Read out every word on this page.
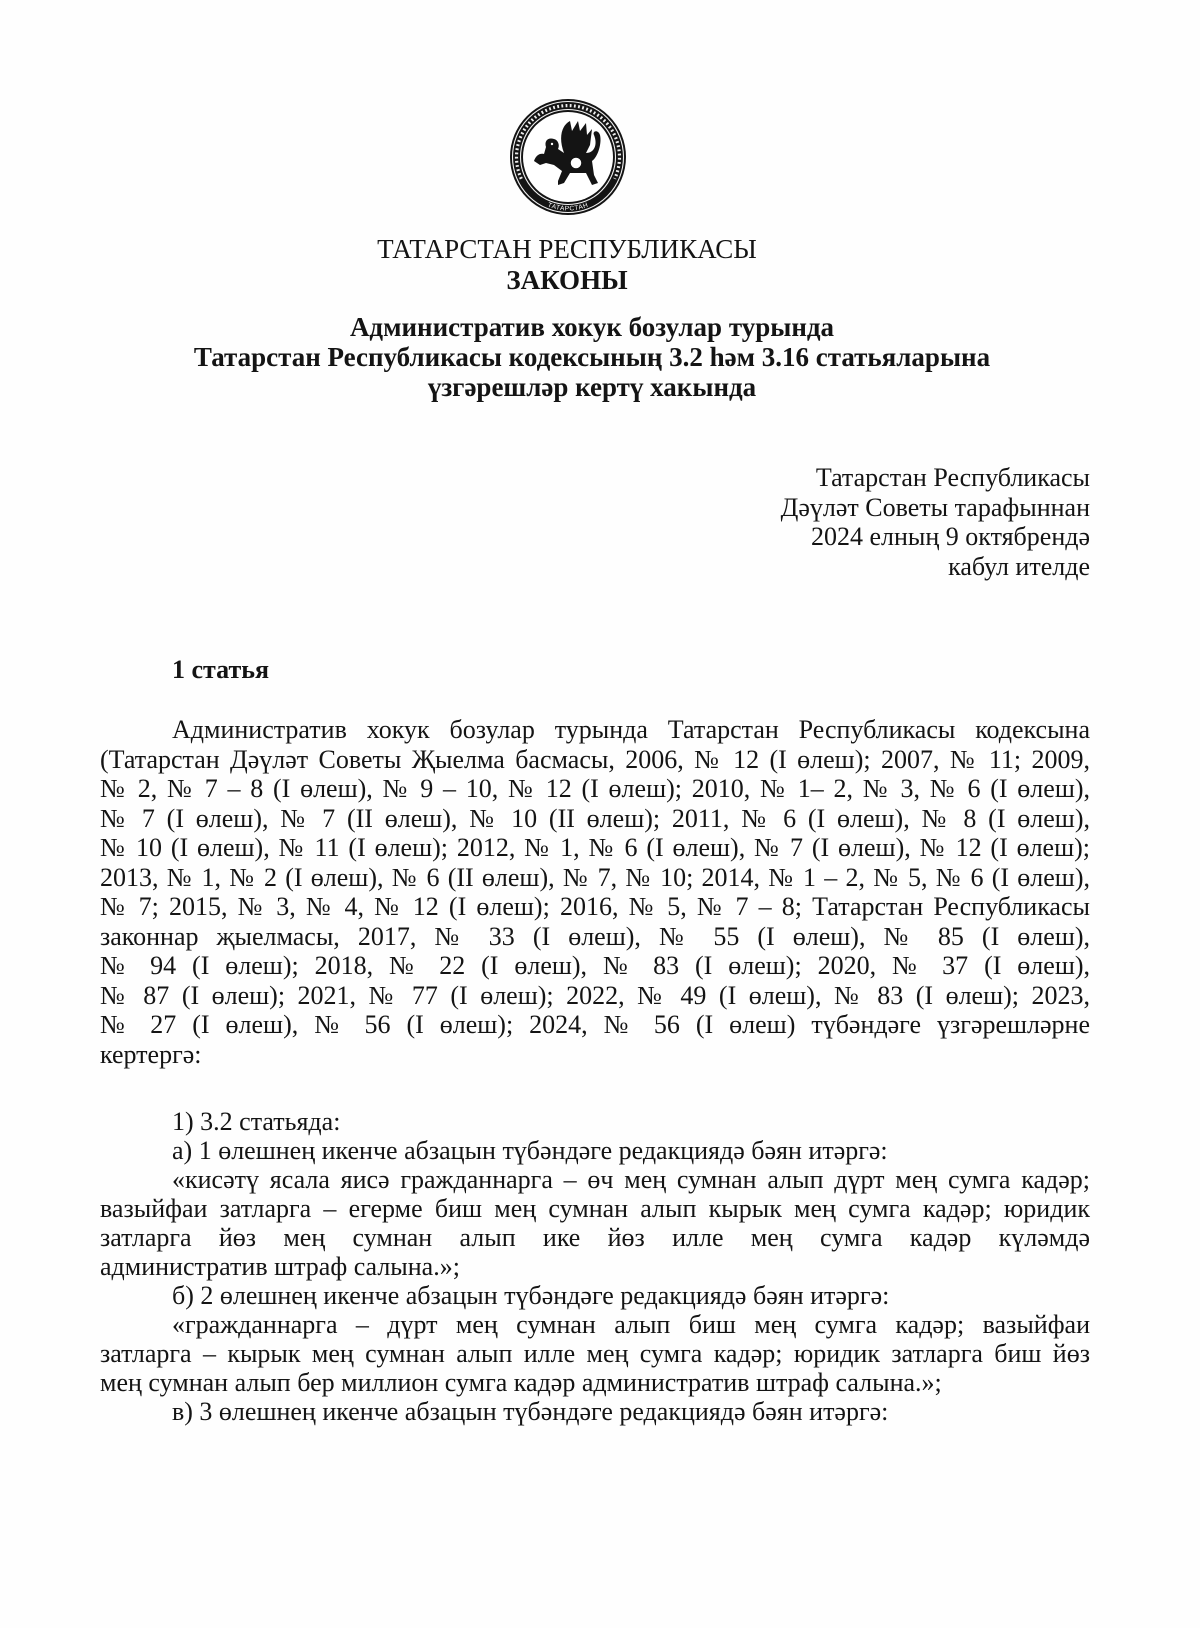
ТАТАРСТАН
ТАТАРСТАН РЕСПУБЛИКАСЫ
ЗАКОНЫ
Административ хокук бозулар турында
Татарстан Республикасы кодексының 3.2 һәм 3.16 статьяларына
үзгәрешләр кертү хакында
Татарстан Республикасы
Дәүләт Советы тарафыннан
2024 елның 9 октябрендә
кабул ителде
1 статья
Административ хокук бозулар турында Татарстан Республикасы кодексына
(Татарстан Дәүләт Советы Җыелма басмасы, 2006, № 12 (I өлеш); 2007, № 11; 2009,
№ 2, № 7 – 8 (I өлеш), № 9 – 10, № 12 (I өлеш); 2010, № 1– 2, № 3, № 6 (I өлеш),
№ 7 (I өлеш), № 7 (II өлеш), № 10 (II өлеш); 2011, № 6 (I өлеш), № 8 (I өлеш),
№ 10 (I өлеш), № 11 (I өлеш); 2012, № 1, № 6 (I өлеш), № 7 (I өлеш), № 12 (I өлеш);
2013, № 1, № 2 (I өлеш), № 6 (II өлеш), № 7, № 10; 2014, № 1 – 2, № 5, № 6 (I өлеш),
№ 7; 2015, № 3, № 4, № 12 (I өлеш); 2016, № 5, № 7 – 8; Татарстан Республикасы
законнар җыелмасы, 2017, № 33 (I өлеш), № 55 (I өлеш), № 85 (I өлеш),
№ 94 (I өлеш); 2018, № 22 (I өлеш), № 83 (I өлеш); 2020, № 37 (I өлеш),
№ 87 (I өлеш); 2021, № 77 (I өлеш); 2022, № 49 (I өлеш), № 83 (I өлеш); 2023,
№ 27 (I өлеш), № 56 (I өлеш); 2024, № 56 (I өлеш) түбәндәге үзгәрешләрне
кертергә:
1) 3.2 статьяда:
а) 1 өлешнең икенче абзацын түбәндәге редакциядә бәян итәргә:
«кисәтү ясала яисә гражданнарга – өч мең сумнан алып дүрт мең сумга кадәр;
вазыйфаи затларга – егерме биш мең сумнан алып кырык мең сумга кадәр; юридик
затларга йөз мең сумнан алып ике йөз илле мең сумга кадәр күләмдә
административ штраф салына.»;
б) 2 өлешнең икенче абзацын түбәндәге редакциядә бәян итәргә:
«гражданнарга – дүрт мең сумнан алып биш мең сумга кадәр; вазыйфаи
затларга – кырык мең сумнан алып илле мең сумга кадәр; юридик затларга биш йөз
мең сумнан алып бер миллион сумга кадәр административ штраф салына.»;
в) 3 өлешнең икенче абзацын түбәндәге редакциядә бәян итәргә:
